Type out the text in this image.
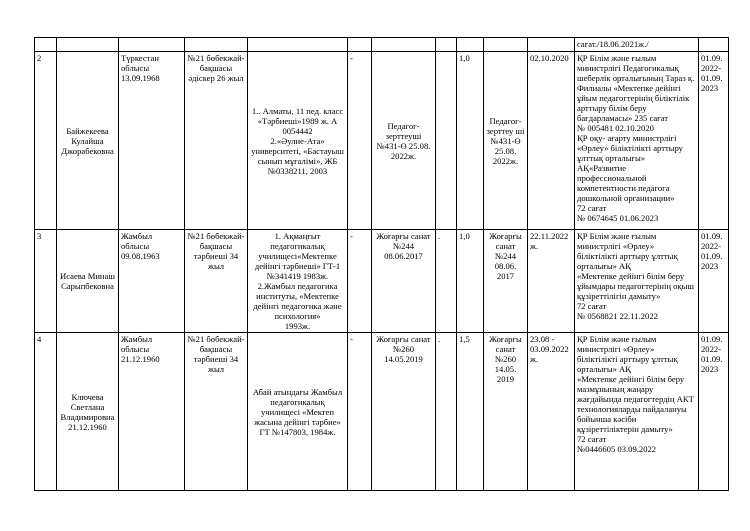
											сағат./18.06.2021ж./	
2	Байжекеева Кулайша Джорабековна	Түркестан облысы 13.09.1968	№21 бөбекжай-бақшасы әдіскер 26 жыл	1.. Алматы, 11 пед. класс «Тәрбиеші»1989 ж. А 0054442
2.«Әулие-Ата» университеті, «Бастауыш сынып мұғалімі», ЖБ №0338211, 2003	-	Педагог-зерттеуші №431-Ө 25.08. 2022ж.		1,0	Педагог-зерттеу ші №431-Ө 25.08. 2022ж.	02.10.2020	ҚР Білім және ғылым министрлігі Педагогикалық шеберлік орталығының Тараз қ. Филиалы «Мектепке дейінгі ұйым педагогтерінің біліктілік арттыру білім беру бағдарламасы» 235 сағат
№ 005481 02.10.2020
ҚР оқу- ағарту министрлігі «Өрлеу» біліктілікті арттыру ұлттық орталығы» АҚ«Развитие профессиональной компетентности педагога дошкольной организации»
72 сағат
№ 0674645 01.06.2023	01.09.2022-01.09.2023
3	Исаева Минаш Сарыпбековна	Жамбыл облысы 09.08.1963	№21 бөбекжай-бақшасы тәрбиеші 34 жыл	1. Ақмаңғыт педагогикалық училищесі«Мектепке дейінгі тәрбиеші» ГТ-1 №341419 1983ж.
2.Жамбыл педагогика институты, «Мектепке дейінгі педагогика және психология»
1993ж.	-	Жоғарғы санат №244 08.06.2017	.	1,0	Жоғарғы санат №244 08.06. 2017	22.11.2022 ж.	ҚР Білім және ғылым министрлігі «Өрлеу» біліктілікті арттыру ұлттық орталығы» АҚ
«Мектепке дейінгі білім беру ұйымдары педагогтерінің оқыш құзіреттілігін дамыту»
72 сағат
№ 0568821 22.11.2022	01.09.2022-01.09.2023
4	Ключева Светлана Владимировна 21.12.1960	Жамбыл облысы 21.12.1960	№21 бөбекжай-бақшасы тәрбиеші 34 жыл	Абай атындағы Жамбыл педагогикалық училищесі «Мектеп жасына дейінгі тәрбие» ГТ №147803, 1984ж.	-	Жоғарғы санат №260 14.05.2019	.	1,5	Жоғарғы санат №260 14.05. 2019	23.08 - 03.09.2022 ж.	ҚР Білім және ғылым министрлігі «Өрлеу» біліктілікті арттыру ұлттық орталығы» АҚ
«Мектепке дейінгі білім беру мазмұнының жаңару жағдайында педагогтердің АКТ технологияларды пайдалануы бойынша кәсіби құзіреттіліктерін дамыту»
72 сағат
№0446605 03.09.2022	01.09.2022-01.09.2023
